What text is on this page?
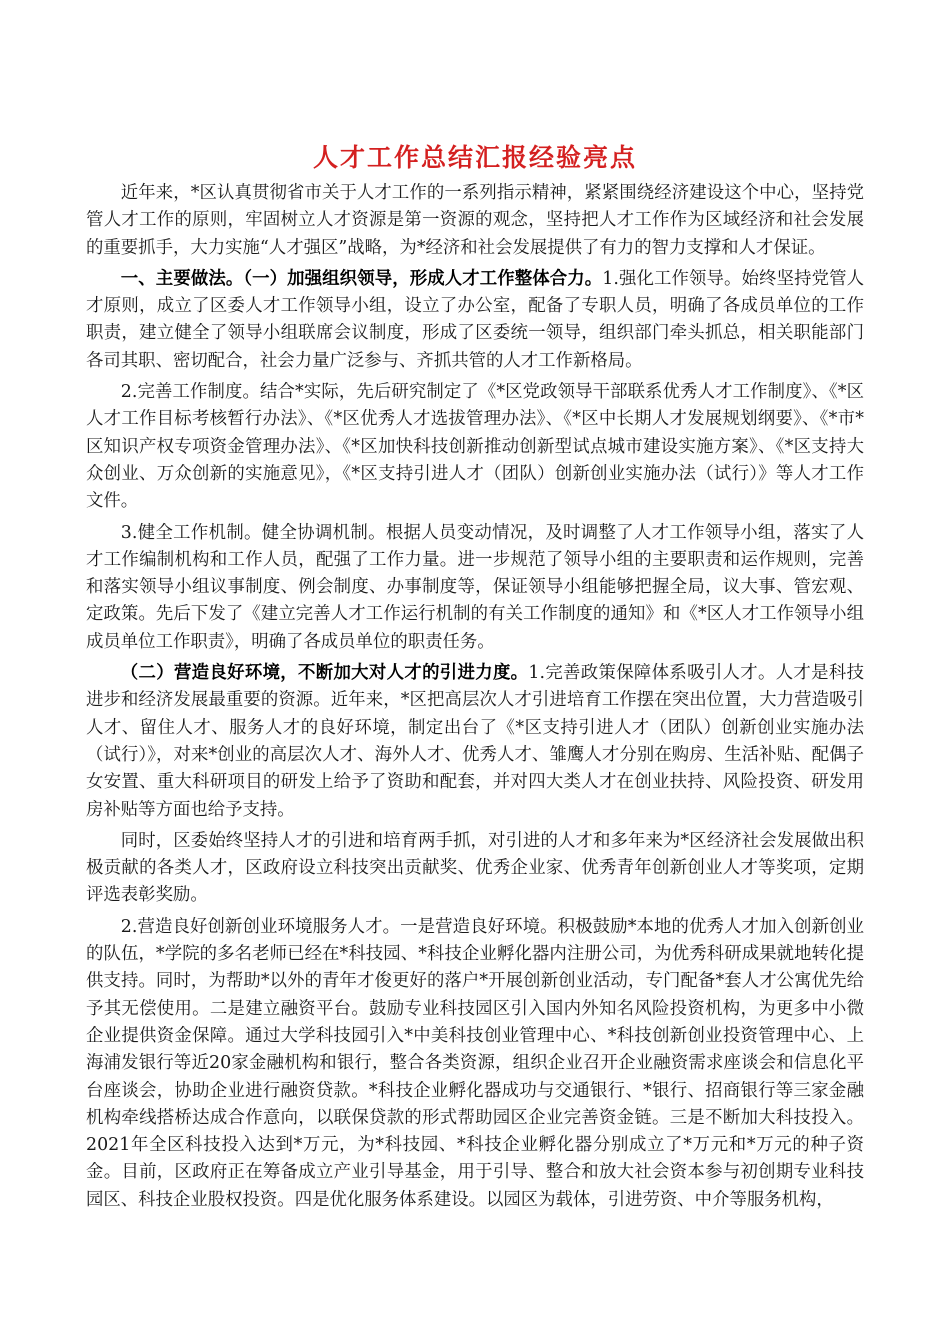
人才工作总结汇报经验亮点

近年来，*区认真贯彻省市关于人才工作的一系列指示精神，紧紧围绕经济建设这个中心，坚持党管人才工作的原则，牢固树立人才资源是第一资源的观念，坚持把人才工作作为区域经济和社会发展的重要抓手，大力实施“人才强区”战略，为*经济和社会发展提供了有力的智力支撑和人才保证。

一、主要做法。（一）加强组织领导，形成人才工作整体合力。1.强化工作领导。始终坚持党管人才原则，成立了区委人才工作领导小组，设立了办公室，配备了专职人员，明确了各成员单位的工作职责，建立健全了领导小组联席会议制度，形成了区委统一领导，组织部门牵头抓总，相关职能部门各司其职、密切配合，社会力量广泛参与、齐抓共管的人才工作新格局。

2.完善工作制度。结合*实际，先后研究制定了《*区党政领导干部联系优秀人才工作制度》、《*区人才工作目标考核暂行办法》、《*区优秀人才选拔管理办法》、《*区中长期人才发展规划纲要》、《*市*区知识产权专项资金管理办法》、《*区加快科技创新推动创新型试点城市建设实施方案》、《*区支持大众创业、万众创新的实施意见》，《*区支持引进人才（团队）创新创业实施办法（试行）》等人才工作文件。

3.健全工作机制。健全协调机制。根据人员变动情况，及时调整了人才工作领导小组，落实了人才工作编制机构和工作人员，配强了工作力量。进一步规范了领导小组的主要职责和运作规则，完善和落实领导小组议事制度、例会制度、办事制度等，保证领导小组能够把握全局，议大事、管宏观、定政策。先后下发了《建立完善人才工作运行机制的有关工作制度的通知》和《*区人才工作领导小组成员单位工作职责》，明确了各成员单位的职责任务。

（二）营造良好环境，不断加大对人才的引进力度。1.完善政策保障体系吸引人才。人才是科技进步和经济发展最重要的资源。近年来，*区把高层次人才引进培育工作摆在突出位置，大力营造吸引人才、留住人才、服务人才的良好环境，制定出台了《*区支持引进人才（团队）创新创业实施办法（试行）》，对来*创业的高层次人才、海外人才、优秀人才、雏鹰人才分别在购房、生活补贴、配偶子女安置、重大科研项目的研发上给予了资助和配套，并对四大类人才在创业扶持、风险投资、研发用房补贴等方面也给予支持。

同时，区委始终坚持人才的引进和培育两手抓，对引进的人才和多年来为*区经济社会发展做出积极贡献的各类人才，区政府设立科技突出贡献奖、优秀企业家、优秀青年创新创业人才等奖项，定期评选表彰奖励。

2.营造良好创新创业环境服务人才。一是营造良好环境。积极鼓励*本地的优秀人才加入创新创业的队伍，*学院的多名老师已经在*科技园、*科技企业孵化器内注册公司，为优秀科研成果就地转化提供支持。同时，为帮助*以外的青年才俊更好的落户*开展创新创业活动，专门配备*套人才公寓优先给予其无偿使用。二是建立融资平台。鼓励专业科技园区引入国内外知名风险投资机构，为更多中小微企业提供资金保障。通过大学科技园引入*中美科技创业管理中心、*科技创新创业投资管理中心、上海浦发银行等近20家金融机构和银行，整合各类资源，组织企业召开企业融资需求座谈会和信息化平台座谈会，协助企业进行融资贷款。*科技企业孵化器成功与交通银行、*银行、招商银行等三家金融机构牵线搭桥达成合作意向，以联保贷款的形式帮助园区企业完善资金链。三是不断加大科技投入。2021年全区科技投入达到*万元，为*科技园、*科技企业孵化器分别成立了*万元和*万元的种子资金。目前，区政府正在筹备成立产业引导基金，用于引导、整合和放大社会资本参与初创期专业科技园区、科技企业股权投资。四是优化服务体系建设。以园区为载体，引进劳资、中介等服务机构，
